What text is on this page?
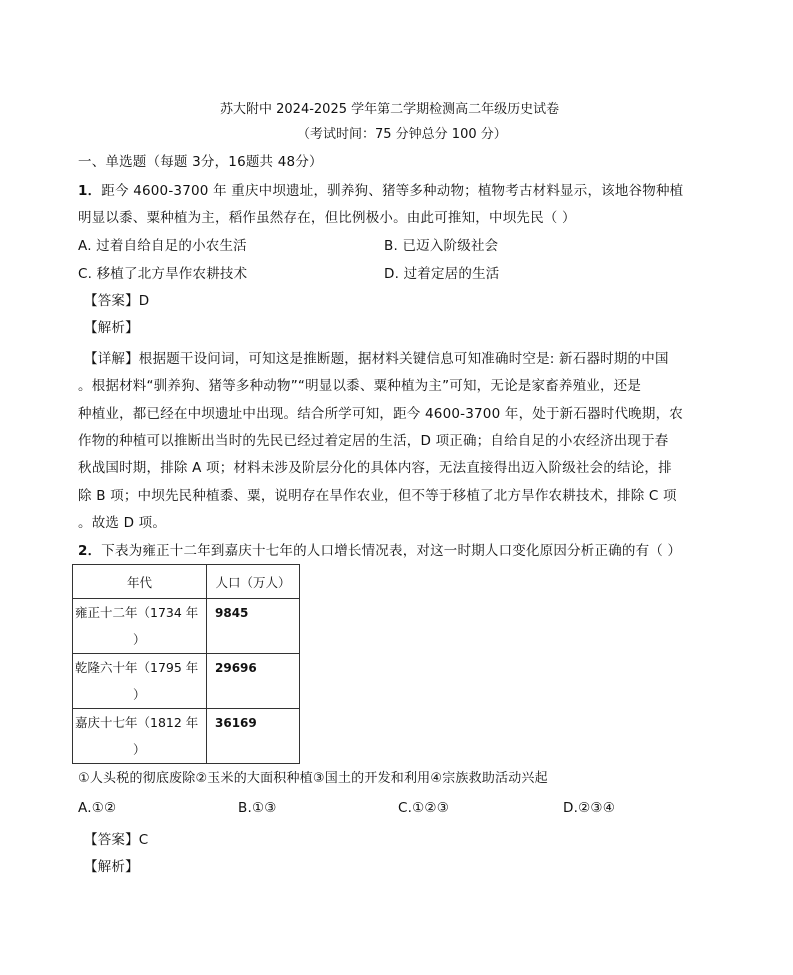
苏大附中 2024-2025 学年第二学期检测高二年级历史试卷
（考试时间：75 分钟总分 100 分）
一、单选题（每题 3分，16题共 48分）
1．距今 4600-3700 年 重庆中坝遗址，驯养狗、猪等多种动物；植物考古材料显示，该地谷物种植
明显以黍、粟种植为主，稻作虽然存在，但比例极小。由此可推知，中坝先民（ ）
A. 过着自给自足的小农生活	B. 已迈入阶级社会
C. 移植了北方旱作农耕技术	D. 过着定居的生活
【答案】D
【解析】
【详解】根据题干设问词，可知这是推断题，据材料关键信息可知准确时空是: 新石器时期的中国
。根据材料“驯养狗、猪等多种动物”“明显以黍、粟种植为主”可知，无论是家畜养殖业，还是
种植业，都已经在中坝遗址中出现。结合所学可知，距今 4600-3700 年，处于新石器时代晚期，农
作物的种植可以推断出当时的先民已经过着定居的生活，D 项正确；自给自足的小农经济出现于春
秋战国时期，排除 A 项；材料未涉及阶层分化的具体内容，无法直接得出迈入阶级社会的结论，排
除 B 项；中坝先民种植黍、粟，说明存在旱作农业，但不等于移植了北方旱作农耕技术，排除 C 项
。故选 D 项。
2．下表为雍正十二年到嘉庆十七年的人口增长情况表，对这一时期人口变化原因分析正确的有（ ）
年代	人口（万人）
雍正十二年（1734 年
）	9845
乾隆六十年（1795 年
）	29696
嘉庆十七年（1812 年
）	36169
①人头税的彻底废除②玉米的大面积种植③国土的开发和利用④宗族救助活动兴起
A.①②	B.①③	C.①②③	D.②③④
【答案】C
【解析】
